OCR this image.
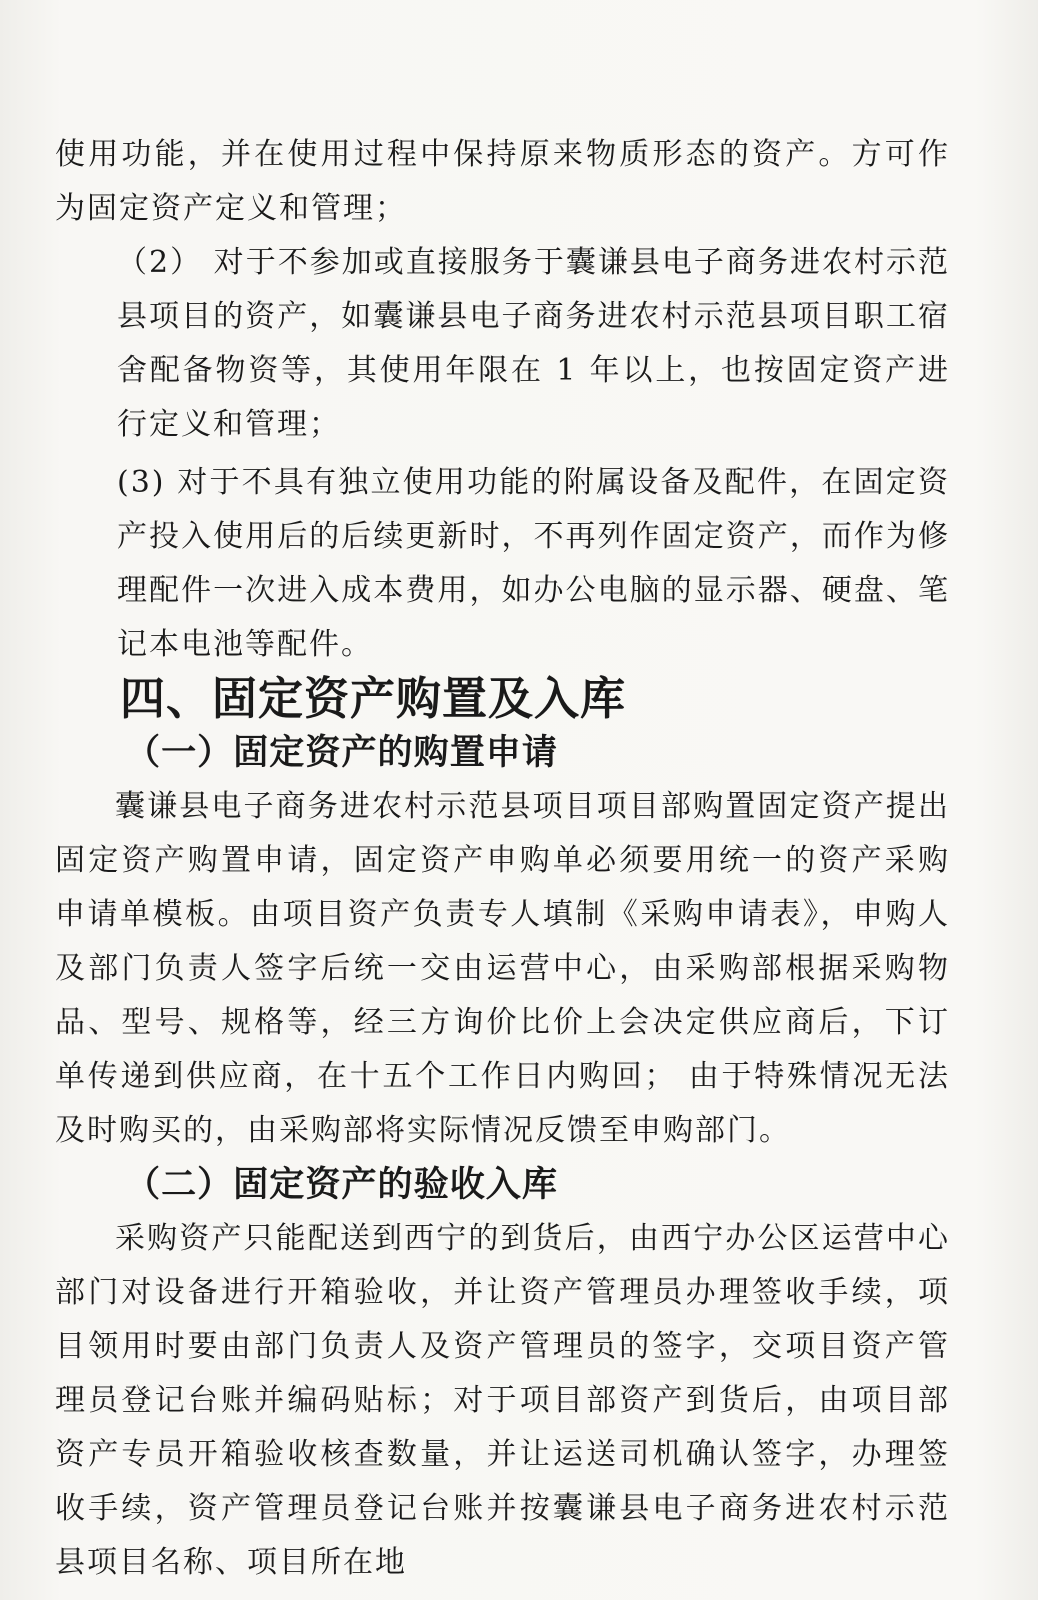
使用功能，并在使用过程中保持原来物质形态的资产。方可作为固定资产定义和管理；

（2） 对于不参加或直接服务于囊谦县电子商务进农村示范县项目的资产，如囊谦县电子商务进农村示范县项目职工宿舍配备物资等，其使用年限在 1 年以上，也按固定资产进行定义和管理；

(3) 对于不具有独立使用功能的附属设备及配件，在固定资产投入使用后的后续更新时，不再列作固定资产，而作为修理配件一次进入成本费用，如办公电脑的显示器、硬盘、笔记本电池等配件。

四、固定资产购置及入库
（一）固定资产的购置申请

囊谦县电子商务进农村示范县项目项目部购置固定资产提出固定资产购置申请，固定资产申购单必须要用统一的资产采购申请单模板。由项目资产负责专人填制《采购申请表》，申购人及部门负责人签字后统一交由运营中心，由采购部根据采购物品、型号、规格等，经三方询价比价上会决定供应商后，下订单传递到供应商，在十五个工作日内购回； 由于特殊情况无法及时购买的，由采购部将实际情况反馈至申购部门。

（二）固定资产的验收入库

采购资产只能配送到西宁的到货后，由西宁办公区运营中心部门对设备进行开箱验收，并让资产管理员办理签收手续，项目领用时要由部门负责人及资产管理员的签字，交项目资产管理员登记台账并编码贴标；对于项目部资产到货后，由项目部资产专员开箱验收核查数量，并让运送司机确认签字，办理签收手续，资产管理员登记台账并按囊谦县电子商务进农村示范县项目名称、项目所在地
